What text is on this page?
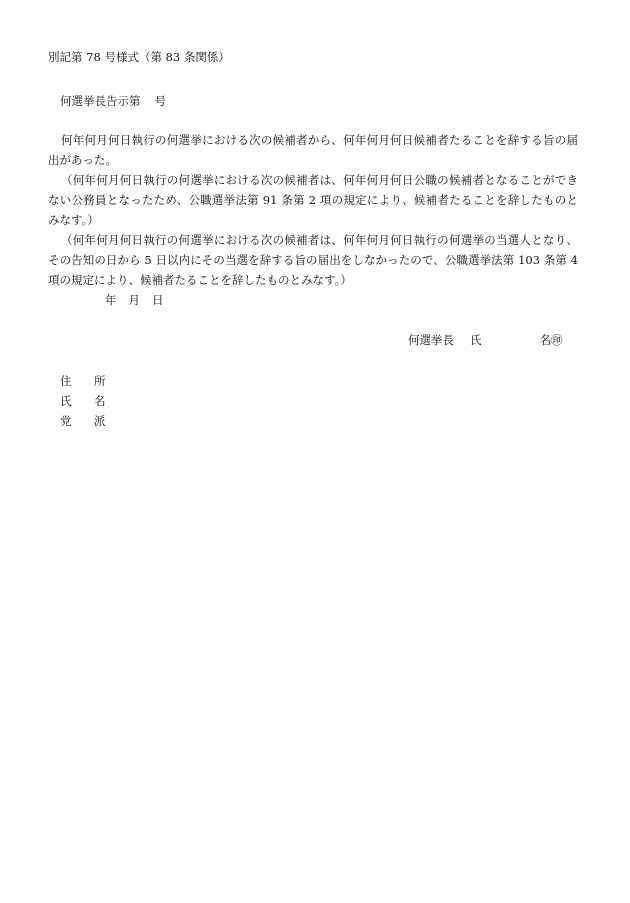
別記第 78 号様式（第 83 条関係）
何選挙長告示第 号
何年何月何日執行の何選挙における次の候補者から、何年何月何日候補者たることを辞する旨の届出があった。
（何年何月何日執行の何選挙における次の候補者は、何年何月何日公職の候補者となることができない公務員となったため、公職選挙法第 91 条第 2 項の規定により、候補者たることを辞したものとみなす。）
（何年何月何日執行の何選挙における次の候補者は、何年何月何日執行の何選挙の当選人となり、その告知の日から 5 日以内にその当選を辞する旨の届出をしなかったので、公職選挙法第 103 条第 4 項の規定により、候補者たることを辞したものとみなす。）
年 月 日
何選挙長 氏	名㊞
住 所
氏 名
党 派
